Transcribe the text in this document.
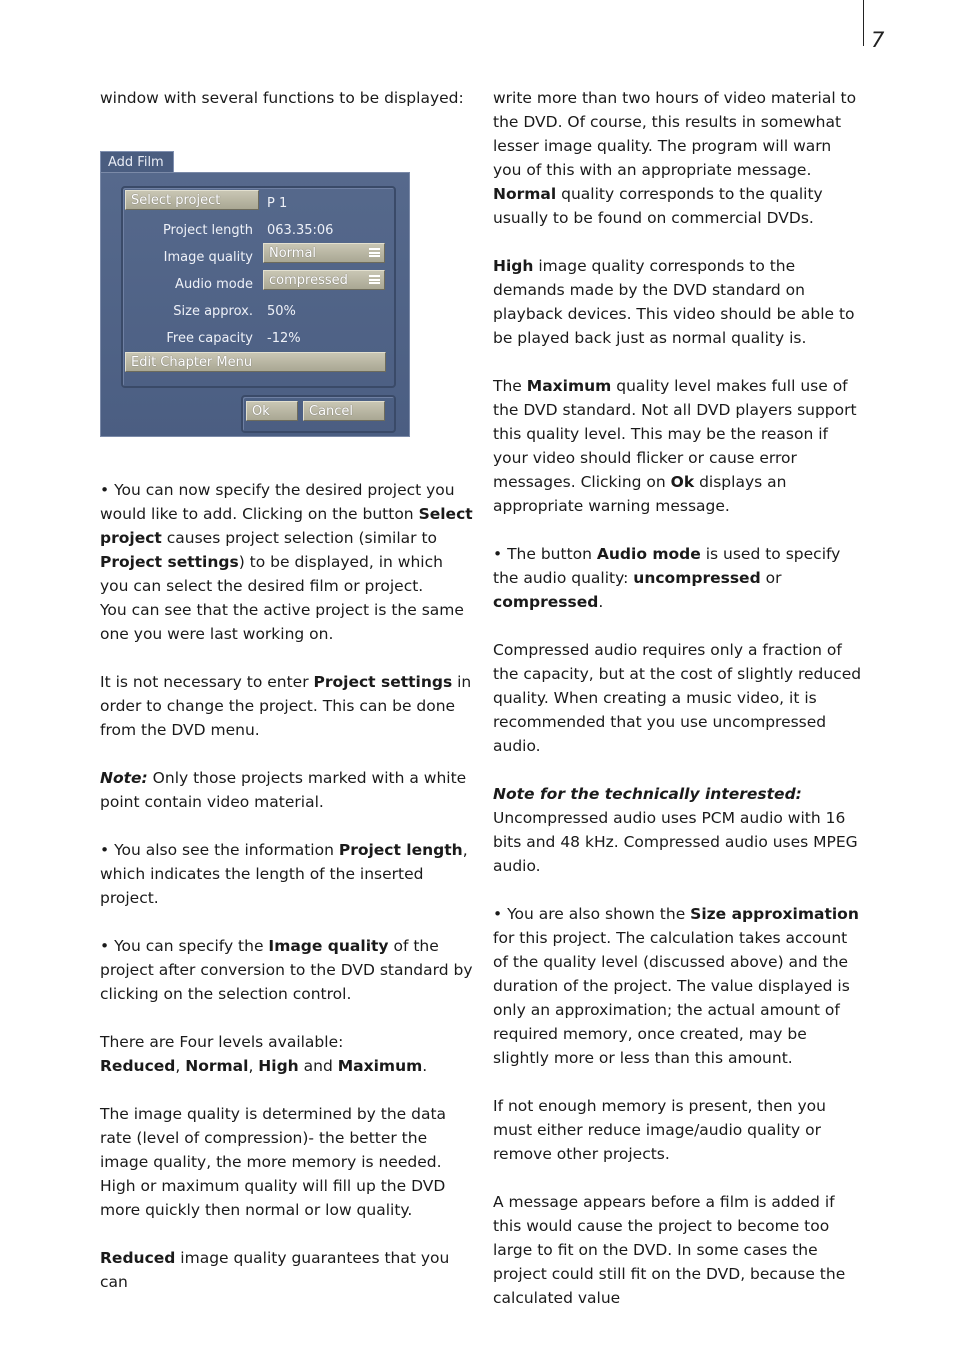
7

window with several functions to be displayed:

Add Film
Select project	P 1
Project length 063.35:06
Image quality	Normal
Audio mode	compressed
Size approx. 50%
Free capacity -12%
Edit Chapter Menu
Ok	Cancel

• You can now specify the desired project you would like to add. Clicking on the button Select project causes project selection (similar to Project settings) to be displayed, in which you can select the desired film or project.

You can see that the active project is the same one you were last working on.

It is not necessary to enter Project settings in order to change the project. This can be done from the DVD menu.

Note: Only those projects marked with a white point contain video material.

• You also see the information Project length, which indicates the length of the inserted project.

• You can specify the Image quality of the project after conversion to the DVD standard by clicking on the selection control.

There are Four levels available:

Reduced, Normal, High and Maximum.

The image quality is determined by the data rate (level of compression)- the better the image quality, the more memory is needed.

High or maximum quality will fill up the DVD more quickly then normal or low quality.

Reduced image quality guarantees that you can

write more than two hours of video material to the DVD. Of course, this results in somewhat lesser image quality. The program will warn you of this with an appropriate message.

Normal quality corresponds to the quality usually to be found on commercial DVDs.

High image quality corresponds to the demands made by the DVD standard on playback devices. This video should be able to be played back just as normal quality is.

The Maximum quality level makes full use of the DVD standard. Not all DVD players support this quality level. This may be the reason if your video should flicker or cause error messages. Clicking on Ok displays an appropriate warning message.

• The button Audio mode is used to specify the audio quality: uncompressed or compressed.

Compressed audio requires only a fraction of the capacity, but at the cost of slightly reduced quality. When creating a music video, it is recommended that you use uncompressed audio.

Note for the technically interested:
Uncompressed audio uses PCM audio with 16 bits and 48 kHz. Compressed audio uses MPEG audio.

• You are also shown the Size approximation for this project. The calculation takes account of the quality level (discussed above) and the duration of the project. The value displayed is only an approximation; the actual amount of required memory, once created, may be slightly more or less than this amount.

If not enough memory is present, then you must either reduce image/audio quality or remove other projects.

A message appears before a film is added if this would cause the project to become too large to fit on the DVD. In some cases the project could still fit on the DVD, because the calculated value
